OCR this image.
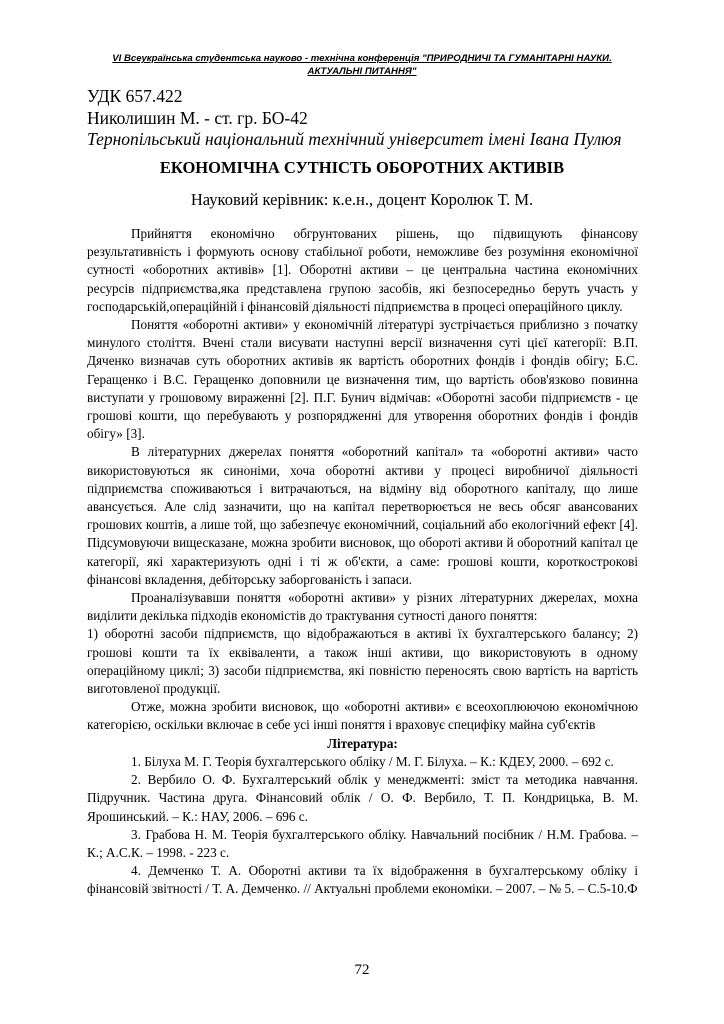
VI Всеукраїнська студентська науково - технічна конференція "ПРИРОДНИЧІ ТА ГУМАНІТАРНІ НАУКИ.
АКТУАЛЬНІ ПИТАННЯ"
УДК 657.422
Николишин М. - ст. гр. БО-42
Тернопільський національний технічний університет імені Івана Пулюя
ЕКОНОМІЧНА СУТНІСТЬ ОБОРОТНИХ АКТИВІВ
Науковий керівник: к.е.н., доцент Королюк Т. М.

Прийняття економічно обгрунтованих рішень, що підвищують фінансову результативність і формують основу стабільної роботи, неможливе без розуміння економічної сутності «оборотних активів» [1]. Оборотні активи – це центральна частина економічних ресурсів підприємства,яка представлена групою засобів, які безпосередньо беруть участь у господарській,операційній і фінансовій діяльності підприємства в процесі операційного циклу.

Поняття «оборотні активи» у економічній літературі зустрічається приблизно з початку минулого століття. Вчені стали висувати наступні версії визначення суті цієї категорії: В.П. Дяченко визначав суть оборотних активів як вартість оборотних фондів і фондів обігу; Б.С. Геращенко і В.С. Геращенко доповнили це визначення тим, що вартість обов'язково повинна виступати у грошовому вираженні [2]. П.Г. Бунич відмічав: «Оборотні засоби підприємств - це грошові кошти, що перебувають у розпорядженні для утворення оборотних фондів і фондів обігу» [3].

В літературних джерелах поняття «оборотний капітал» та «оборотні активи» часто використовуються як синоніми, хоча оборотні активи у процесі виробничої діяльності підприємства споживаються і витрачаються, на відміну від оборотного капіталу, що лише авансується. Але слід зазначити, що на капітал перетворюється не весь обсяг авансованих грошових коштів, а лише той, що забезпечує економічний, соціальний або екологічний ефект [4]. Підсумовуючи вищесказане, можна зробити висновок, що обороті активи й оборотний капітал це категорії, які характеризують одні і ті ж об'єкти, а саме: грошові кошти, короткострокові фінансові вкладення, дебіторську заборгованість і запаси.

Проаналізувавши поняття «оборотні активи» у різних літературних джерелах, мохна виділити декілька підходів економістів до трактування сутності даного поняття:

1) оборотні засоби підприємств, що відображаються в активі їх бухгалтерського балансу; 2) грошові кошти та їх еквіваленти, а також інші активи, що використовують в одному операційному циклі; 3) засоби підприємства, які повністю переносять свою вартість на вартість виготовленої продукції.

Отже, можна зробити висновок, що «оборотні активи» є всеохоплюючою економічною категорією, оскільки включає в себе усі інші поняття і враховує специфіку майна суб'єктів

Література:

1. Білуха М. Г. Теорія бухгалтерського обліку / М. Г. Білуха. – К.: КДЕУ, 2000. – 692 с.

2. Вербило О. Ф. Бухгалтерський облік у менеджменті: зміст та методика навчання. Підручник. Частина друга. Фінансовий облік / О. Ф. Вербило, Т. П. Кондрицька, В. М. Ярошинський. – К.: НАУ, 2006. – 696 с.

3. Грабова Н. М. Теорія бухгалтерського обліку. Навчальний посібник / Н.М. Грабова. – К.; А.С.К. – 1998. - 223 с.

4. Демченко Т. А. Оборотні активи та їх відображення в бухгалтерському обліку і фінансовій звітності / Т. А. Демченко. // Актуальні проблеми економіки. – 2007. – № 5. – С.5-10.Ф

72
